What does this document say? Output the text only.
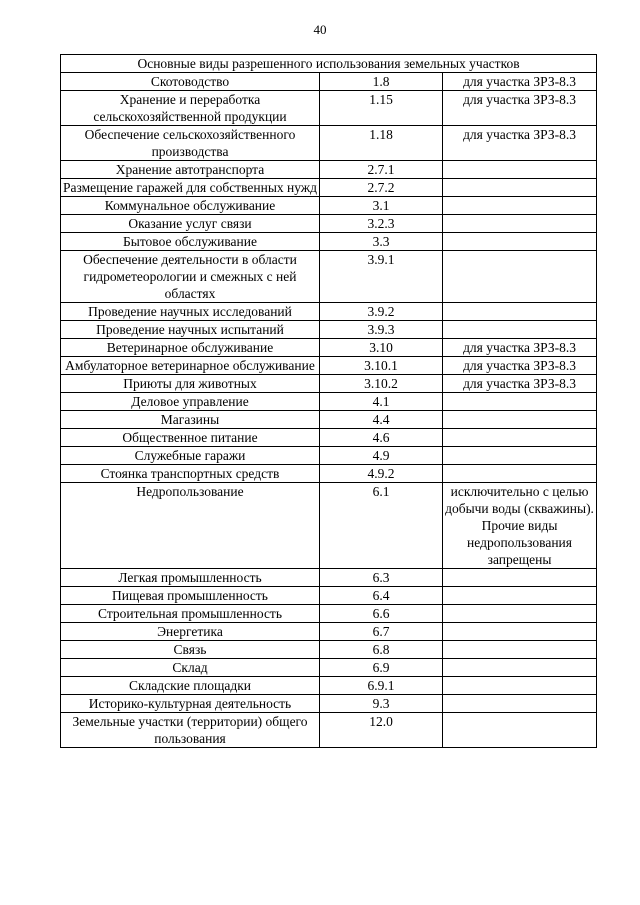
40
Основные виды разрешенного использования земельных участков		
Скотоводство	1.8	для участка ЗРЗ-8.3
Хранение и переработка сельскохозяйственной продукции	1.15	для участка ЗРЗ-8.3
Обеспечение сельскохозяйственного производства	1.18	для участка ЗРЗ-8.3
Хранение автотранспорта	2.7.1	
Размещение гаражей для собственных нужд	2.7.2	
Коммунальное обслуживание	3.1	
Оказание услуг связи	3.2.3	
Бытовое обслуживание	3.3	
Обеспечение деятельности в области гидрометеорологии и смежных с ней областях	3.9.1	
Проведение научных исследований	3.9.2	
Проведение научных испытаний	3.9.3	
Ветеринарное обслуживание	3.10	для участка ЗРЗ-8.3
Амбулаторное ветеринарное обслуживание	3.10.1	для участка ЗРЗ-8.3
Приюты для животных	3.10.2	для участка ЗРЗ-8.3
Деловое управление	4.1	
Магазины	4.4	
Общественное питание	4.6	
Служебные гаражи	4.9	
Стоянка транспортных средств	4.9.2	
Недропользование	6.1	исключительно с целью добычи воды (скважины). Прочие виды недропользования запрещены
Легкая промышленность	6.3	
Пищевая промышленность	6.4	
Строительная промышленность	6.6	
Энергетика	6.7	
Связь	6.8	
Склад	6.9	
Складские площадки	6.9.1	
Историко-культурная деятельность	9.3	
Земельные участки (территории) общего пользования	12.0	
